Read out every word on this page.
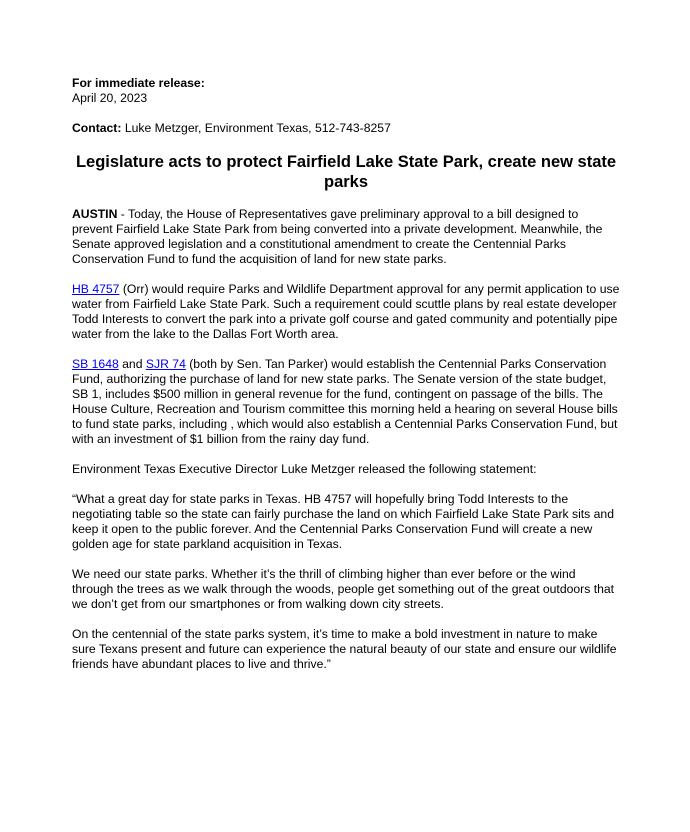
For immediate release:
April 20, 2023

Contact: Luke Metzger, Environment Texas, 512-743-8257

Legislature acts to protect Fairfield Lake State Park, create new state parks

AUSTIN - Today, the House of Representatives gave preliminary approval to a bill designed to prevent Fairfield Lake State Park from being converted into a private development. Meanwhile, the Senate approved legislation and a constitutional amendment to create the Centennial Parks Conservation Fund to fund the acquisition of land for new state parks.

HB 4757 (Orr) would require Parks and Wildlife Department approval for any permit application to use water from Fairfield Lake State Park. Such a requirement could scuttle plans by real estate developer Todd Interests to convert the park into a private golf course and gated community and potentially pipe water from the lake to the Dallas Fort Worth area.

SB 1648 and SJR 74 (both by Sen. Tan Parker) would establish the Centennial Parks Conservation Fund, authorizing the purchase of land for new state parks. The Senate version of the state budget, SB 1, includes $500 million in general revenue for the fund, contingent on passage of the bills. The House Culture, Recreation and Tourism committee this morning held a hearing on several House bills to fund state parks, including , which would also establish a Centennial Parks Conservation Fund, but with an investment of $1 billion from the rainy day fund.

Environment Texas Executive Director Luke Metzger released the following statement:

“What a great day for state parks in Texas. HB 4757 will hopefully bring Todd Interests to the negotiating table so the state can fairly purchase the land on which Fairfield Lake State Park sits and keep it open to the public forever. And the Centennial Parks Conservation Fund will create a new golden age for state parkland acquisition in Texas.

We need our state parks. Whether it’s the thrill of climbing higher than ever before or the wind through the trees as we walk through the woods, people get something out of the great outdoors that we don’t get from our smartphones or from walking down city streets.

On the centennial of the state parks system, it’s time to make a bold investment in nature to make sure Texans present and future can experience the natural beauty of our state and ensure our wildlife friends have abundant places to live and thrive.”
